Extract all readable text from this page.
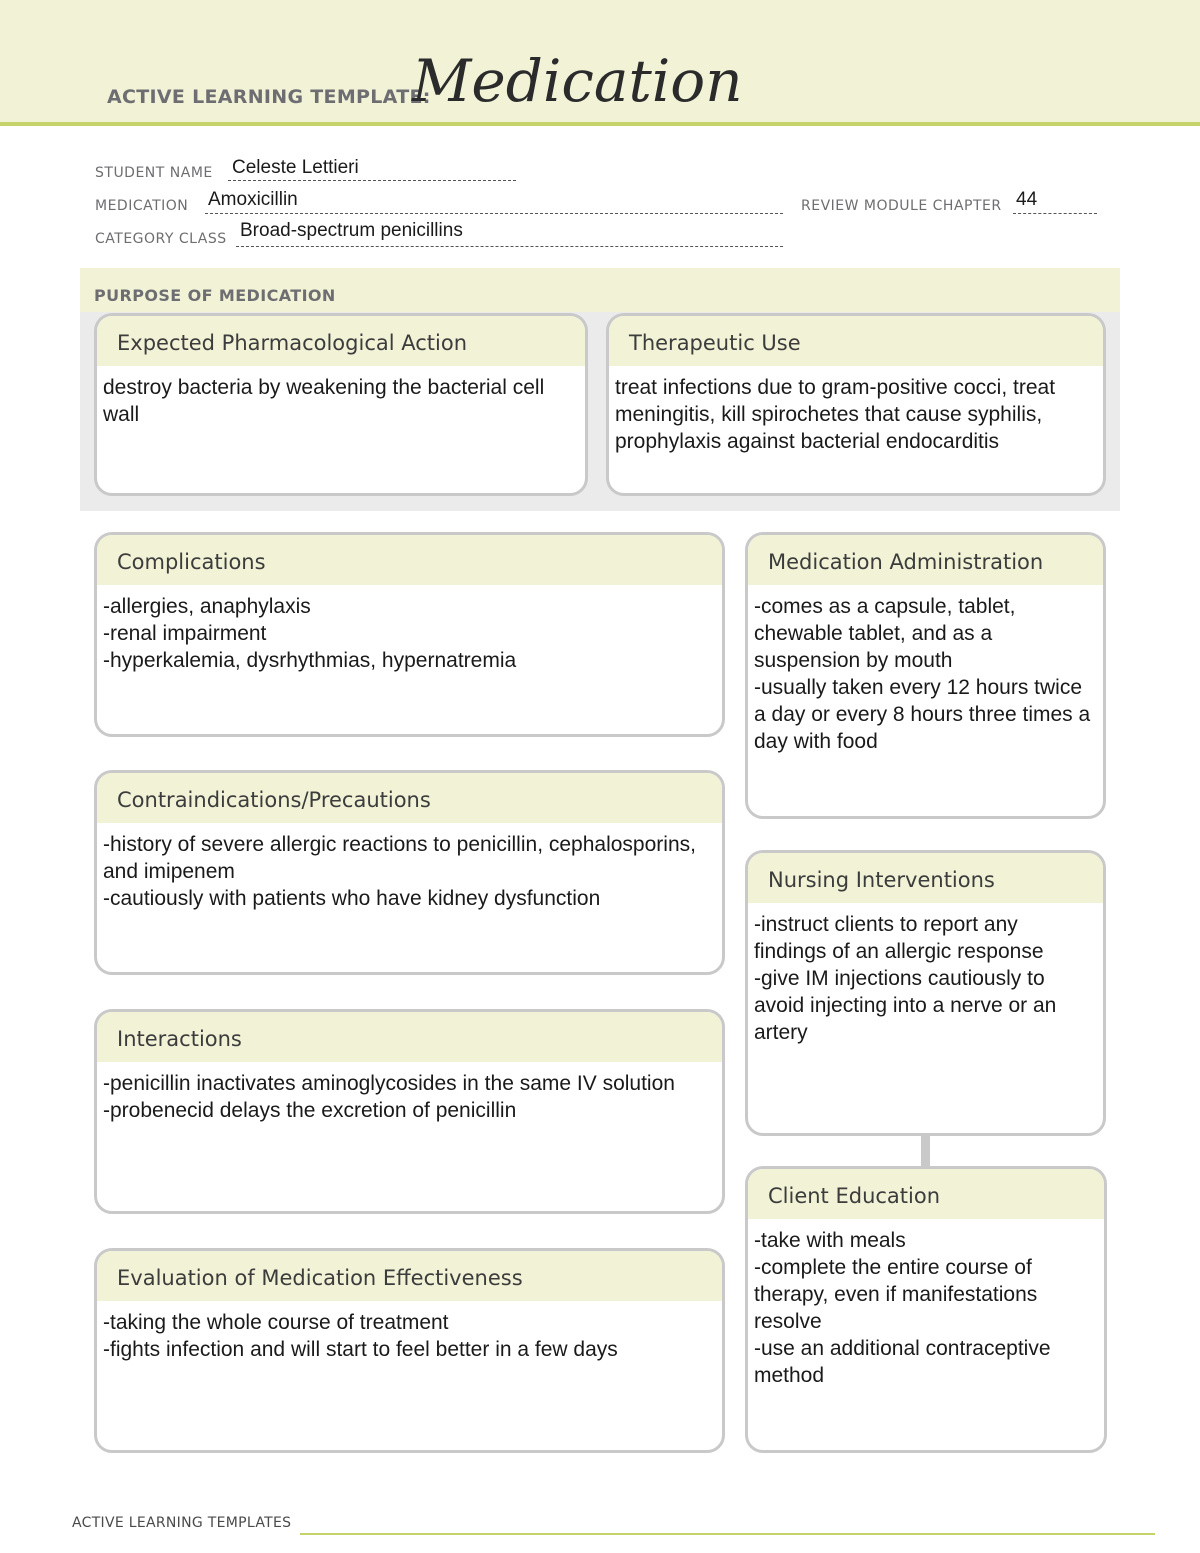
ACTIVE LEARNING TEMPLATE:
Medication
STUDENT NAME Celeste Lettieri
MEDICATION Amoxicillin	REVIEW MODULE CHAPTER 44
CATEGORY CLASS Broad-spectrum penicillins
PURPOSE OF MEDICATION
Expected Pharmacological Action
destroy bacteria by weakening the bacterial cell wall
Therapeutic Use
treat infections due to gram-positive cocci, treat meningitis, kill spirochetes that cause syphilis, prophylaxis against bacterial endocarditis
Complications
-allergies, anaphylaxis
-renal impairment
-hyperkalemia, dysrhythmias, hypernatremia
Contraindications/Precautions
-history of severe allergic reactions to penicillin, cephalosporins, and imipenem
-cautiously with patients who have kidney dysfunction
Interactions
-penicillin inactivates aminoglycosides in the same IV solution
-probenecid delays the excretion of penicillin
Evaluation of Medication Effectiveness
-taking the whole course of treatment
-fights infection and will start to feel better in a few days
Medication Administration
-comes as a capsule, tablet, chewable tablet, and as a suspension by mouth
-usually taken every 12 hours twice a day or every 8 hours three times a day with food
Nursing Interventions
-instruct clients to report any findings of an allergic response
-give IM injections cautiously to avoid injecting into a nerve or an artery
Client Education
-take with meals
-complete the entire course of therapy, even if manifestations resolve
-use an additional contraceptive method
ACTIVE LEARNING TEMPLATES
